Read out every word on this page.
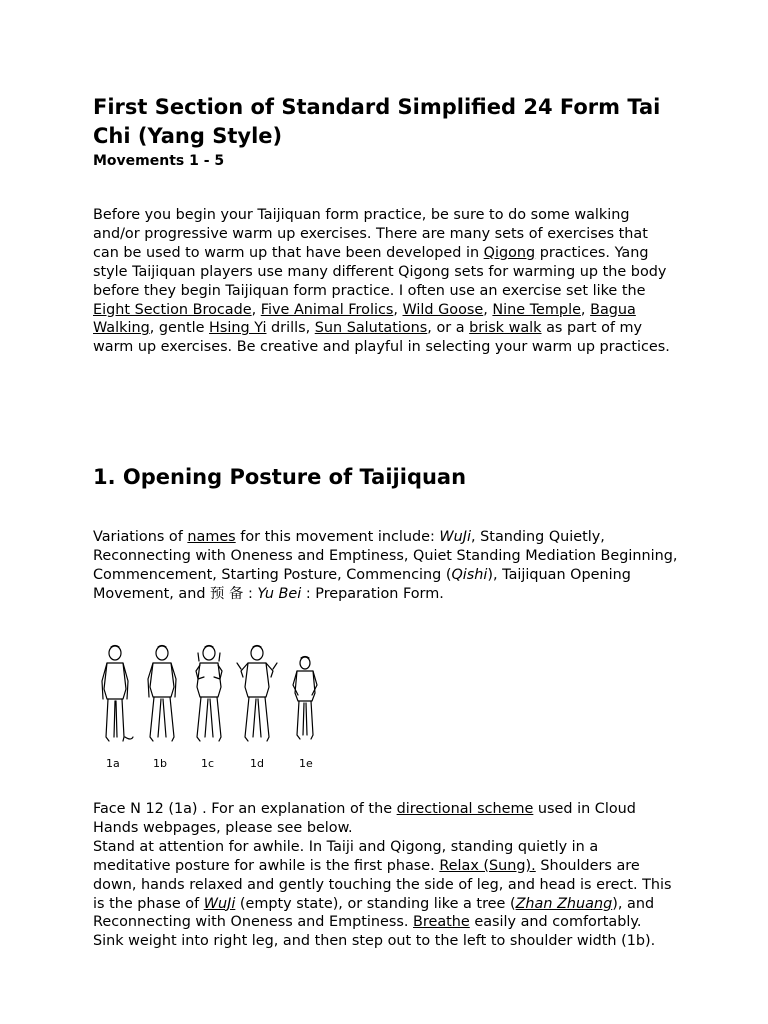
First Section of Standard Simplified 24 Form Tai Chi (Yang Style)
Movements 1 - 5

Before you begin your Taijiquan form practice, be sure to do some walking and/or progressive warm up exercises. There are many sets of exercises that can be used to warm up that have been developed in Qigong practices. Yang style Taijiquan players use many different Qigong sets for warming up the body before they begin Taijiquan form practice. I often use an exercise set like the Eight Section Brocade, Five Animal Frolics, Wild Goose, Nine Temple, Bagua Walking, gentle Hsing Yi drills, Sun Salutations, or a brisk walk as part of my warm up exercises. Be creative and playful in selecting your warm up practices.

1. Opening Posture of Taijiquan

Variations of names for this movement include: WuJi, Standing Quietly, Reconnecting with Oneness and Emptiness, Quiet Standing Mediation Beginning, Commencement, Starting Posture, Commencing (Qishi), Taijiquan Opening Movement, and 预 备 : Yu Bei : Preparation Form.

1a	1b	1c	1d	1e

Face N 12 (1a) . For an explanation of the directional scheme used in Cloud Hands webpages, please see below.

Stand at attention for awhile. In Taiji and Qigong, standing quietly in a meditative posture for awhile is the first phase. Relax (Sung). Shoulders are down, hands relaxed and gently touching the side of leg, and head is erect. This is the phase of WuJi (empty state), or standing like a tree (Zhan Zhuang), and Reconnecting with Oneness and Emptiness. Breathe easily and comfortably.

Sink weight into right leg, and then step out to the left to shoulder width (1b).
